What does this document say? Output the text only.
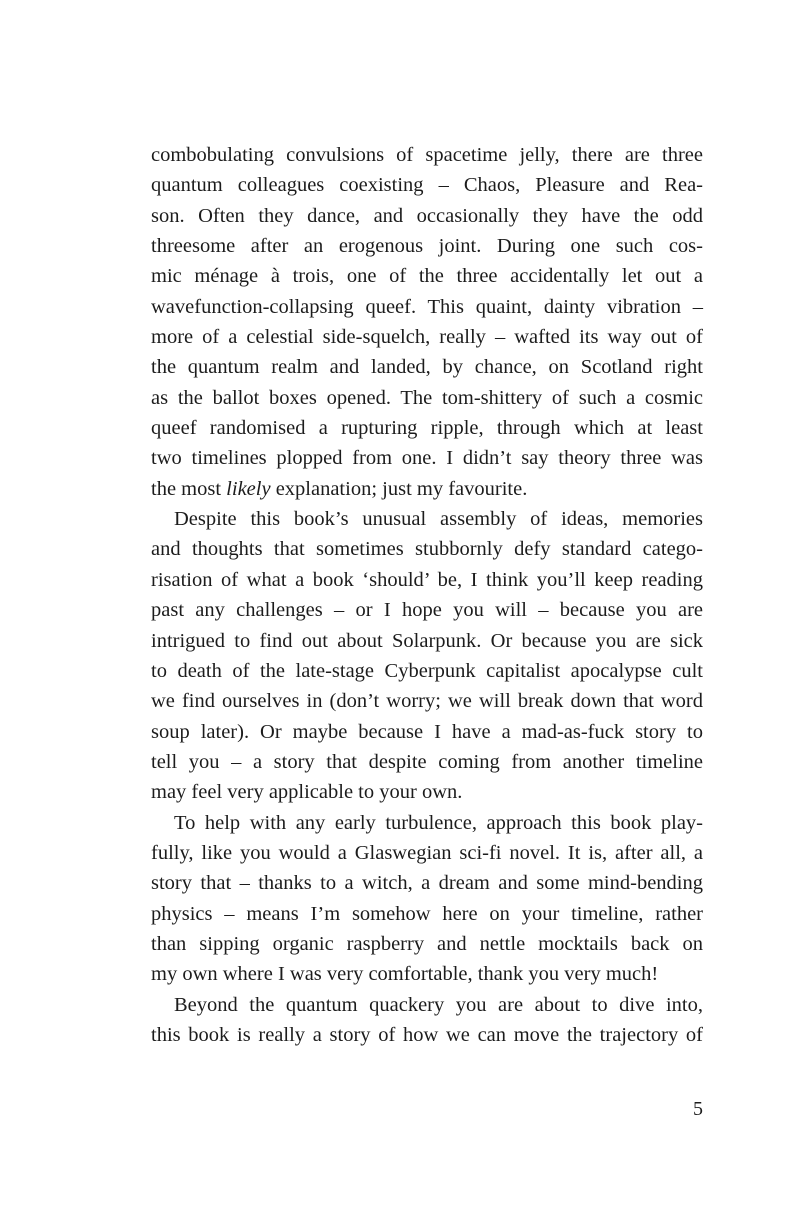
combobulating convulsions of spacetime jelly, there are three
quantum colleagues coexisting – Chaos, Pleasure and Rea-
son. Often they dance, and occasionally they have the odd
threesome after an erogenous joint. During one such cos-
mic ménage à trois, one of the three accidentally let out a
wavefunction-collapsing queef. This quaint, dainty vibration –
more of a celestial side-squelch, really – wafted its way out of
the quantum realm and landed, by chance, on Scotland right
as the ballot boxes opened. The tom-shittery of such a cosmic
queef randomised a rupturing ripple, through which at least
two timelines plopped from one. I didn’t say theory three was
the most likely explanation; just my favourite.
Despite this book’s unusual assembly of ideas, memories
and thoughts that sometimes stubbornly defy standard catego-
risation of what a book ‘should’ be, I think you’ll keep reading
past any challenges – or I hope you will – because you are
intrigued to find out about Solarpunk. Or because you are sick
to death of the late-stage Cyberpunk capitalist apocalypse cult
we find ourselves in (don’t worry; we will break down that word
soup later). Or maybe because I have a mad-as-fuck story to
tell you – a story that despite coming from another timeline
may feel very applicable to your own.
To help with any early turbulence, approach this book play-
fully, like you would a Glaswegian sci-fi novel. It is, after all, a
story that – thanks to a witch, a dream and some mind-bending
physics – means I’m somehow here on your timeline, rather
than sipping organic raspberry and nettle mocktails back on
my own where I was very comfortable, thank you very much!
Beyond the quantum quackery you are about to dive into,
this book is really a story of how we can move the trajectory of
5
